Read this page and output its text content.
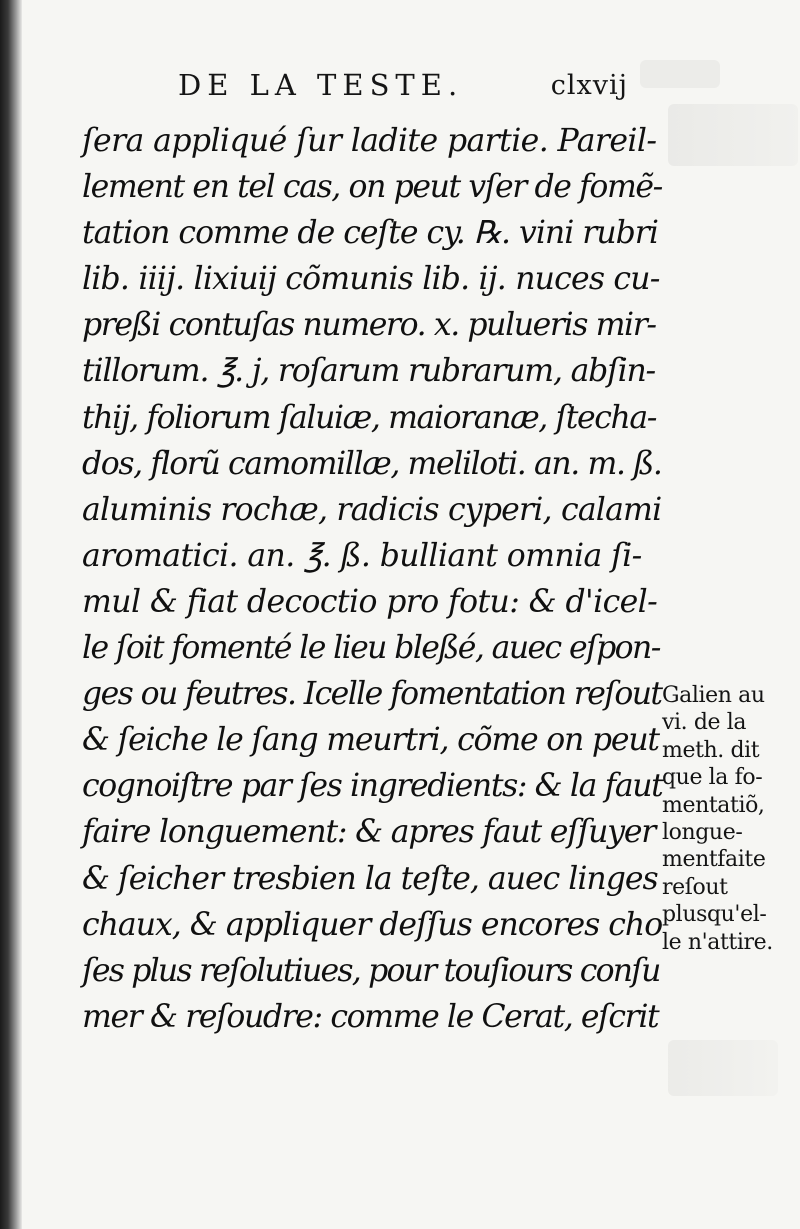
DE LA TESTE.	clxvij
ſera appliqué ſur ladite partie. Pareil-
lement en tel cas, on peut vſer de fomẽ-
tation comme de ceſte cy. ℞. vini rubri
lib. iiij. lixiuij cõmunis lib. ij. nuces cu-
preßi contuſas numero. x. pulueris mir-
tillorum. ℥. j, roſarum rubrarum, abſin-
thij, foliorum ſaluiæ, maioranæ, ſtecha-
dos, florũ camomillæ, meliloti. an. m. ß.
aluminis rochæ, radicis cyperi, calami
aromatici. an. ℥. ß. bulliant omnia ſi-
mul & fiat decoctio pro fotu: & d'icel-
le ſoit fomenté le lieu bleßé, auec eſpon-
ges ou feutres. Icelle fomentation reſout
& ſeiche le ſang meurtri, cõme on peut
cognoiſtre par ſes ingredients: & la faut
faire longuement: & apres faut eſſuyer
& ſeicher tresbien la teſte, auec linges
chaux, & appliquer deſſus encores cho
ſes plus reſolutiues, pour touſiours conſu
mer & reſoudre: comme le Cerat, eſcrit
Galien au
vi. de la
meth. dit
que la fo-
mentatiõ,
longue-
mentfaite
reſout
plusqu'el-
le n'attire.
